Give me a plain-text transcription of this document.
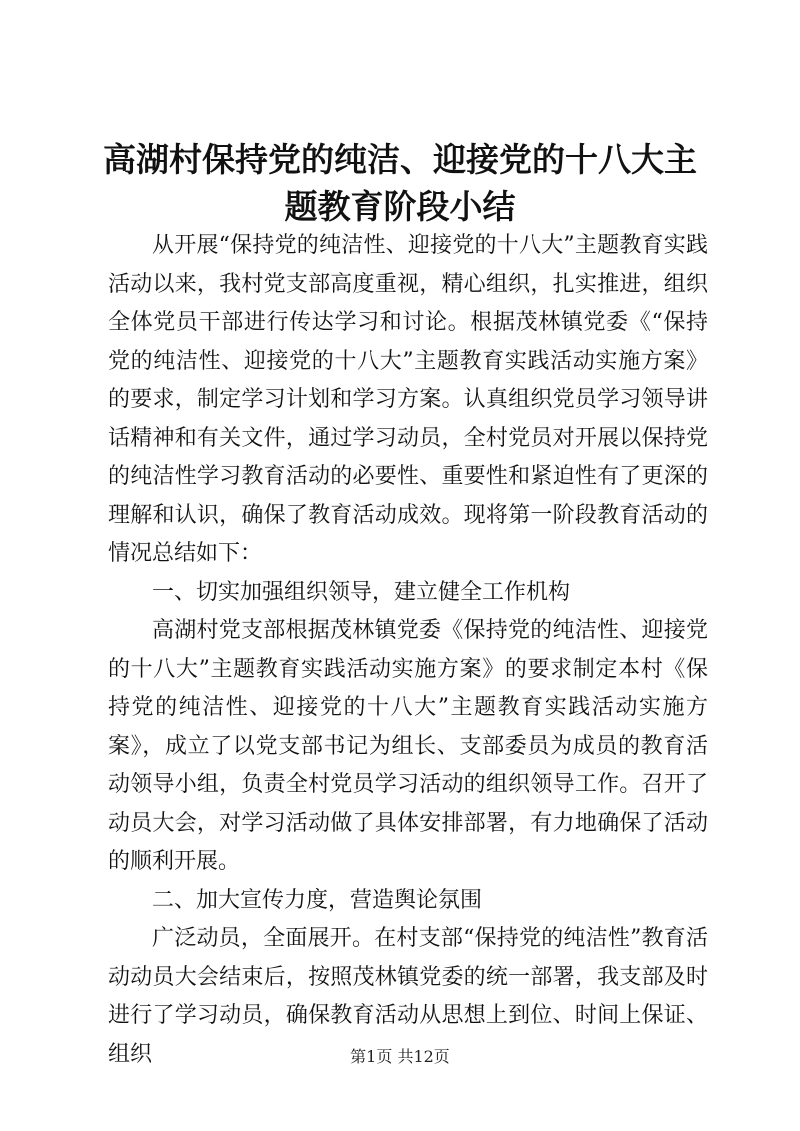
高湖村保持党的纯洁、迎接党的十八大主题教育阶段小结

从开展“保持党的纯洁性、迎接党的十八大”主题教育实践活动以来，我村党支部高度重视，精心组织，扎实推进，组织全体党员干部进行传达学习和讨论。根据茂林镇党委《“保持党的纯洁性、迎接党的十八大”主题教育实践活动实施方案》的要求，制定学习计划和学习方案。认真组织党员学习领导讲话精神和有关文件，通过学习动员，全村党员对开展以保持党的纯洁性学习教育活动的必要性、重要性和紧迫性有了更深的理解和认识，确保了教育活动成效。现将第一阶段教育活动的情况总结如下：

一、切实加强组织领导，建立健全工作机构

高湖村党支部根据茂林镇党委《保持党的纯洁性、迎接党的十八大”主题教育实践活动实施方案》的要求制定本村《保持党的纯洁性、迎接党的十八大”主题教育实践活动实施方案》，成立了以党支部书记为组长、支部委员为成员的教育活动领导小组，负责全村党员学习活动的组织领导工作。召开了动员大会，对学习活动做了具体安排部署，有力地确保了活动的顺利开展。

二、加大宣传力度，营造舆论氛围

广泛动员，全面展开。在村支部“保持党的纯洁性”教育活动动员大会结束后，按照茂林镇党委的统一部署，我支部及时进行了学习动员，确保教育活动从思想上到位、时间上保证、组织	第1页 共12页
